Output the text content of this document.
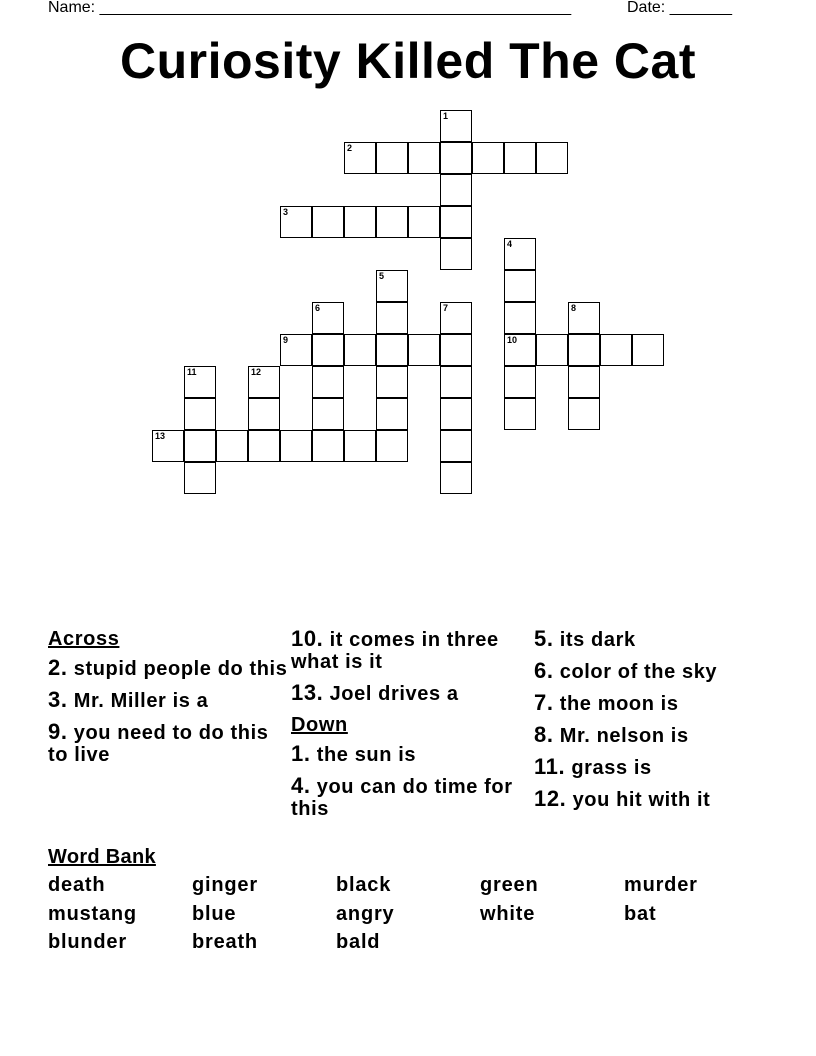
Name: _____________________________________________________	Date: _______
Curiosity Killed The Cat
1
2
3
4
10
5
6	7	8
9
11	12
13
Across
2. stupid people do this
3. Mr. Miller is a
9. you need to do this to live
10. it comes in three what is it
13. Joel drives a
Down
1. the sun is
4. you can do time for this
5. its dark
6. color of the sky
7. the moon is
8. Mr. nelson is
11. grass is
12. you hit with it
Word Bank
death	ginger	black	green	murder
mustang	blue	angry	white	bat
blunder	breath	bald
